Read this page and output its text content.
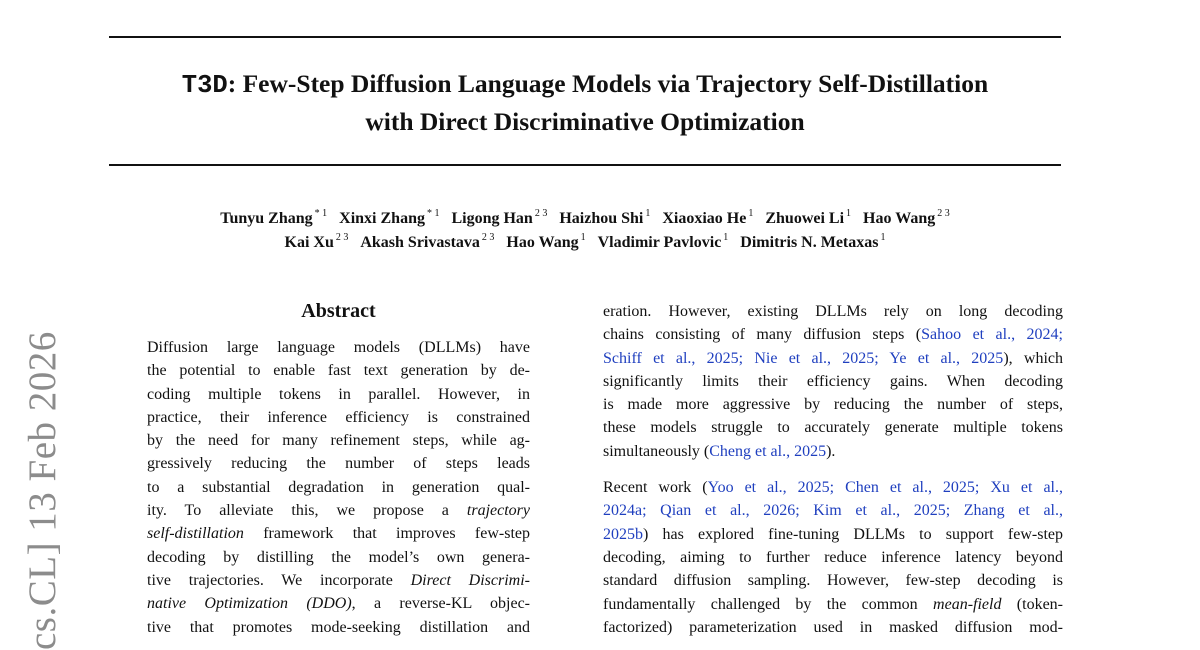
T3D: Few-Step Diffusion Language Models via Trajectory Self-Distillation
with Direct Discriminative Optimization
Tunyu Zhang $^{* 1}$ Xinxi Zhang $^{* 1}$ Ligong Han $^{2 3}$ Haizhou Shi $^1$ Xiaoxiao He $^1$ Zhuowei Li $^1$ Hao Wang $^{2 3}$
Kai Xu $^{2 3}$ Akash Srivastava $^{2 3}$ Hao Wang $^1$ Vladimir Pavlovic $^1$ Dimitris N. Metaxas $^1$
cs.CL] 13 Feb 2026
Abstract
Diffusion large language models (DLLMs) have
the potential to enable fast text generation by de-
coding multiple tokens in parallel. However, in
practice, their inference efficiency is constrained
by the need for many refinement steps, while ag-
gressively reducing the number of steps leads
to a substantial degradation in generation qual-
ity. To alleviate this, we propose a trajectory
self-distillation framework that improves few-step
decoding by distilling the model’s own genera-
tive trajectories. We incorporate Direct Discrimi-
native Optimization (DDO), a reverse-KL objec-
tive that promotes mode-seeking distillation and
eration. However, existing DLLMs rely on long decoding
chains consisting of many diffusion steps (Sahoo et al., 2024;
Schiff et al., 2025; Nie et al., 2025; Ye et al., 2025), which
significantly limits their efficiency gains. When decoding
is made more aggressive by reducing the number of steps,
these models struggle to accurately generate multiple tokens
simultaneously (Cheng et al., 2025).
Recent work (Yoo et al., 2025; Chen et al., 2025; Xu et al.,
2024a; Qian et al., 2026; Kim et al., 2025; Zhang et al.,
2025b) has explored fine-tuning DLLMs to support few-step
decoding, aiming to further reduce inference latency beyond
standard diffusion sampling. However, few-step decoding is
fundamentally challenged by the common mean-field (token-
factorized) parameterization used in masked diffusion mod-
